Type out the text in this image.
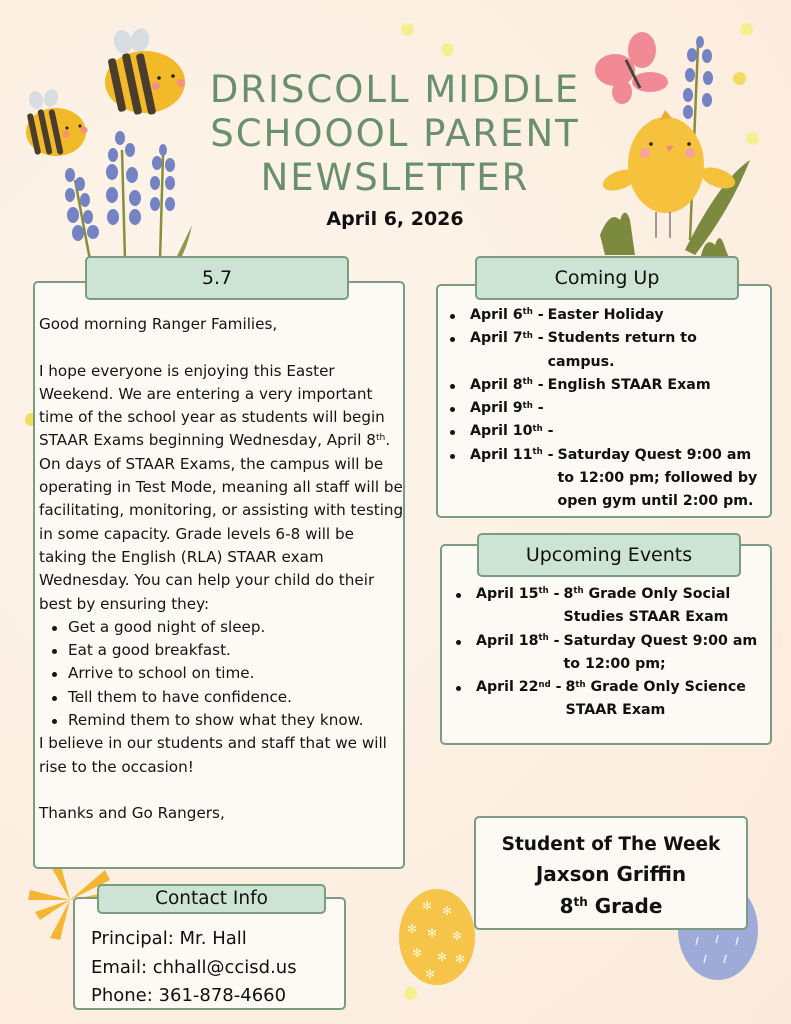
✻ ✻
✻ ✻ ✻
✻ ✻ ✻
✻
DRISCOLL MIDDLE
SCHOOOL PARENT
NEWSLETTER
April 6, 2026
5.7

Good morning Ranger Families,

I hope everyone is enjoying this Easter Weekend. We are entering a very important time of the school year as students will begin STAAR Exams beginning Wednesday, April 8th. On days of STAAR Exams, the campus will be operating in Test Mode, meaning all staff will be facilitating, monitoring, or assisting with testing in some capacity. Grade levels 6-8 will be taking the English (RLA) STAAR exam Wednesday. You can help your child do their best by ensuring they:

Get a good night of sleep.
Eat a good breakfast.
Arrive to school on time.
Tell them to have confidence.
Remind them to show what they know.

I believe in our students and staff that we will rise to the occasion!

Thanks and Go Rangers,

Coming Up
April 6th - Easter Holiday
April 7th - Students return to campus.
April 8th - English STAAR Exam
April 9th -
April 10th -
April 11th - Saturday Quest 9:00 am to 12:00 pm; followed by open gym until 2:00 pm.
Upcoming Events
April 15th - 8th Grade Only Social Studies STAAR Exam
April 18th - Saturday Quest 9:00 am to 12:00 pm;
April 22nd - 8th Grade Only Science STAAR Exam
Student of The Week
Jaxson Griffin
8th Grade
Contact Info
Principal: Mr. Hall
Email: chhall@ccisd.us
Phone: 361-878-4660
